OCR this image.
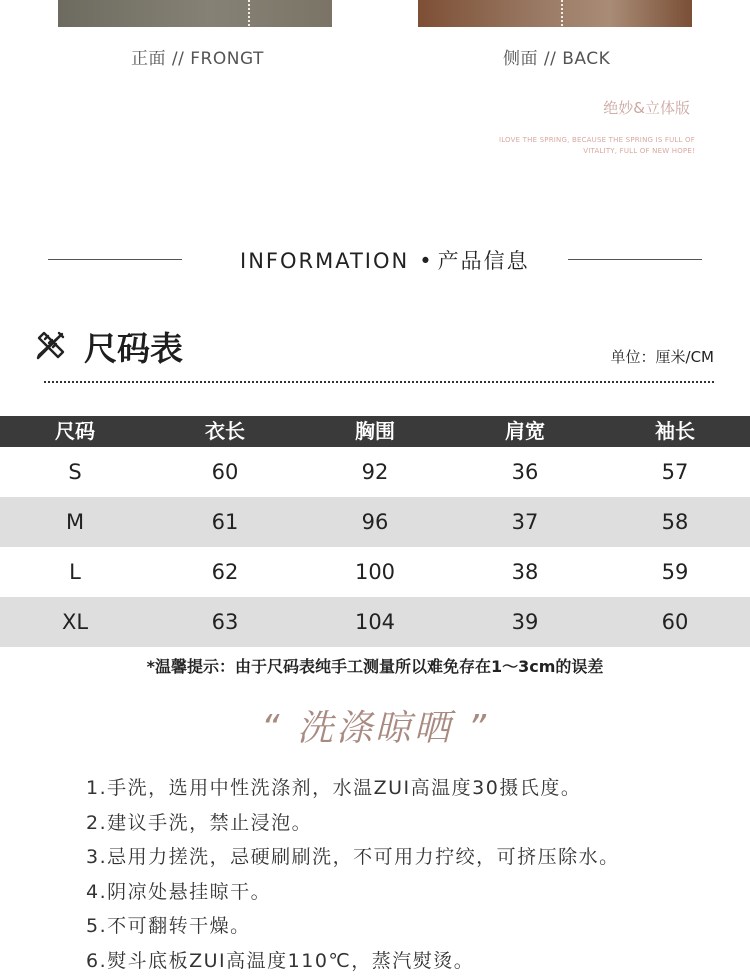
正面 // FRONGT	侧面 // BACK
绝妙&立体版
ILOVE THE SPRING, BECAUSE THE SPRING IS FULL OF VITALITY, FULL OF NEW HOPE!
INFORMATION • 产品信息
尺码表	单位：厘米/CM
尺码	衣长	胸围	肩宽	袖长
S	60	92	36	57
M	61	96	37	58
L	62	100	38	59
XL	63	104	39	60
*温馨提示：由于尺码表纯手工测量所以难免存在1～3cm的误差
“ 洗涤晾晒 ”
1.手洗，选用中性洗涤剂，水温ZUI高温度30摄氏度。
2.建议手洗，禁止浸泡。
3.忌用力搓洗，忌硬刷刷洗，不可用力拧绞，可挤压除水。
4.阴凉处悬挂晾干。
5.不可翻转干燥。
6.熨斗底板ZUI高温度110℃，蒸汽熨烫。
